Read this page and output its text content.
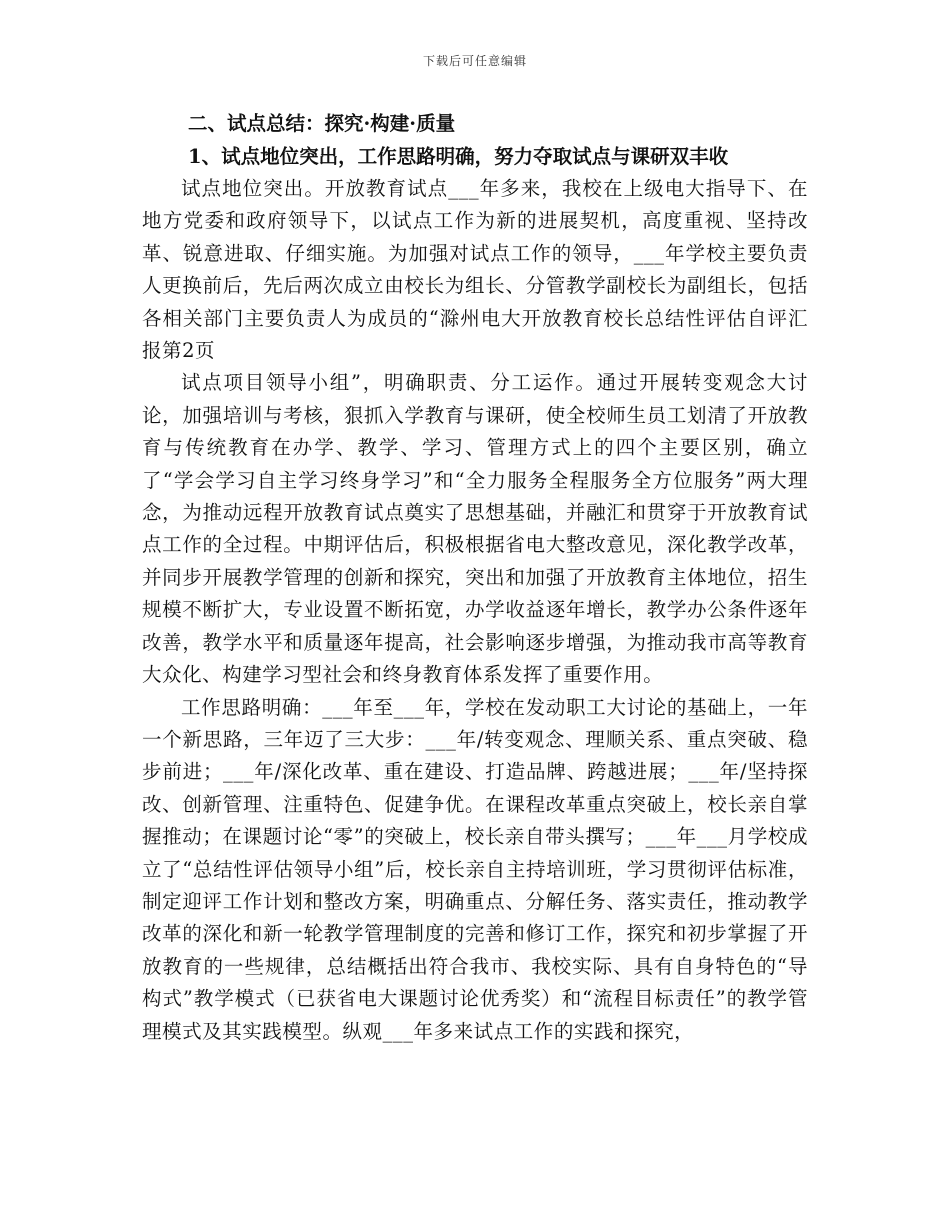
下载后可任意编辑
二、试点总结：探究·构建·质量
1、试点地位突出，工作思路明确，努力夺取试点与课研双丰收

试点地位突出。开放教育试点___年多来，我校在上级电大指导下、在地方党委和政府领导下，以试点工作为新的进展契机，高度重视、坚持改革、锐意进取、仔细实施。为加强对试点工作的领导，___年学校主要负责人更换前后，先后两次成立由校长为组长、分管教学副校长为副组长，包括各相关部门主要负责人为成员的“滁州电大开放教育校长总结性评估自评汇报第2页

试点项目领导小组”，明确职责、分工运作。通过开展转变观念大讨论，加强培训与考核，狠抓入学教育与课研，使全校师生员工划清了开放教育与传统教育在办学、教学、学习、管理方式上的四个主要区别，确立了“学会学习自主学习终身学习”和“全力服务全程服务全方位服务”两大理念，为推动远程开放教育试点奠实了思想基础，并融汇和贯穿于开放教育试点工作的全过程。中期评估后，积极根据省电大整改意见，深化教学改革，并同步开展教学管理的创新和探究，突出和加强了开放教育主体地位，招生规模不断扩大，专业设置不断拓宽，办学收益逐年增长，教学办公条件逐年改善，教学水平和质量逐年提高，社会影响逐步增强，为推动我市高等教育大众化、构建学习型社会和终身教育体系发挥了重要作用。

工作思路明确：___年至___年，学校在发动职工大讨论的基础上，一年一个新思路，三年迈了三大步：___年/转变观念、理顺关系、重点突破、稳步前进；___年/深化改革、重在建设、打造品牌、跨越进展；___年/坚持探改、创新管理、注重特色、促建争优。在课程改革重点突破上，校长亲自掌握推动；在课题讨论“零”的突破上，校长亲自带头撰写；___年___月学校成立了“总结性评估领导小组”后，校长亲自主持培训班，学习贯彻评估标准，制定迎评工作计划和整改方案，明确重点、分解任务、落实责任，推动教学改革的深化和新一轮教学管理制度的完善和修订工作，探究和初步掌握了开放教育的一些规律，总结概括出符合我市、我校实际、具有自身特色的“导构式”教学模式（已获省电大课题讨论优秀奖）和“流程目标责任”的教学管理模式及其实践模型。纵观___年多来试点工作的实践和探究，
